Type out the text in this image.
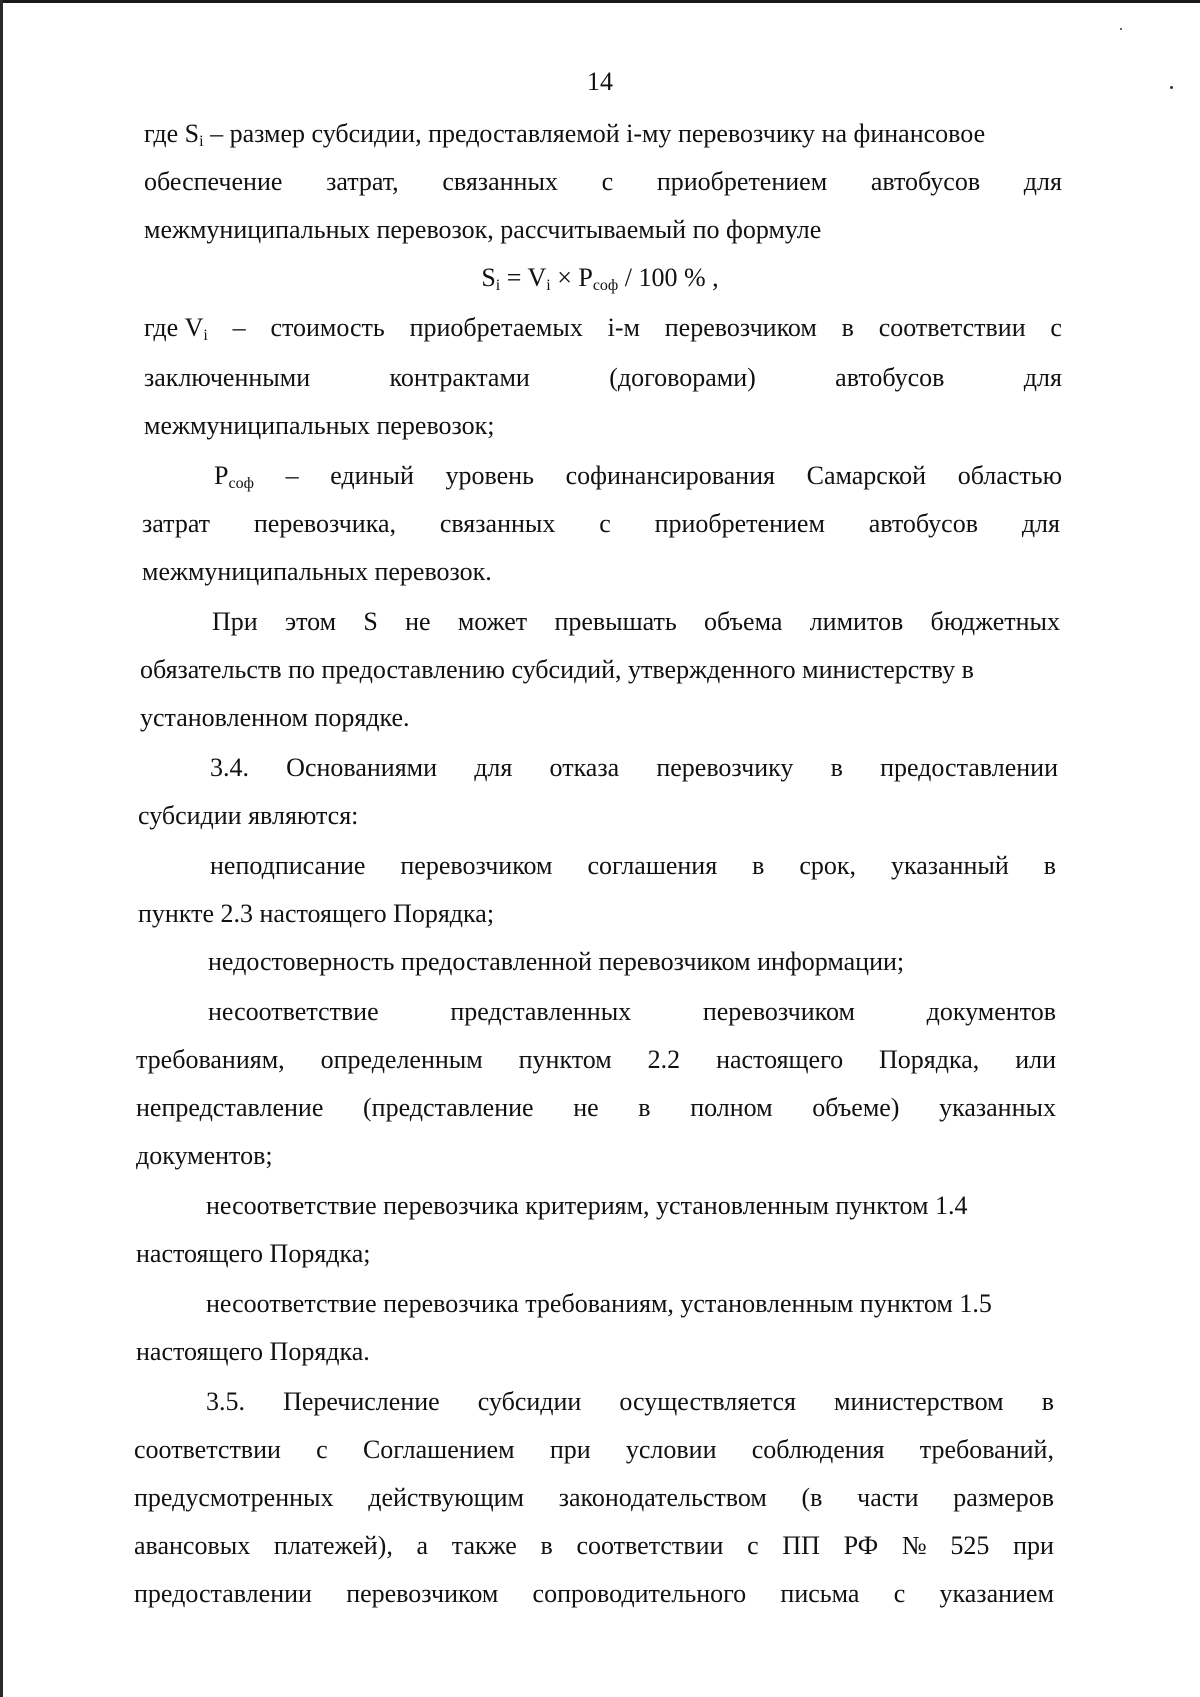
14
где $S_i$ – размер субсидии, предоставляемой i-му перевозчику на финансовое
обеспечение затрат, связанных с приобретением автобусов для
межмуниципальных перевозок, рассчитываемый по формуле
$S_i = V_i \times P_{соф} / 100$ % ,
где $V_i$ – стоимость приобретаемых i-м перевозчиком в соответствии с
заключенными	контрактами	(договорами)	автобусов	для
межмуниципальных перевозок;
$P_{соф}$ – единый уровень софинансирования Самарской областью
затрат перевозчика, связанных с приобретением автобусов для
межмуниципальных перевозок.
При этом S не может превышать объема лимитов бюджетных
обязательств по предоставлению субсидий, утвержденного министерству в
установленном порядке.
3.4. Основаниями для отказа перевозчику в предоставлении
субсидии являются:
неподписание перевозчиком соглашения в срок, указанный в
пункте 2.3 настоящего Порядка;
недостоверность предоставленной перевозчиком информации;
несоответствие	представленных	перевозчиком	документов
требованиям, определенным пунктом 2.2 настоящего Порядка, или
непредставление (представление не в полном объеме) указанных
документов;
несоответствие перевозчика критериям, установленным пунктом 1.4
настоящего Порядка;
несоответствие перевозчика требованиям, установленным пунктом 1.5
настоящего Порядка.
3.5. Перечисление субсидии осуществляется министерством в
соответствии с Соглашением при условии соблюдения требований,
предусмотренных действующим законодательством (в части размеров
авансовых платежей), а также в соответствии с ПП РФ № 525 при
предоставлении перевозчиком сопроводительного письма с указанием
